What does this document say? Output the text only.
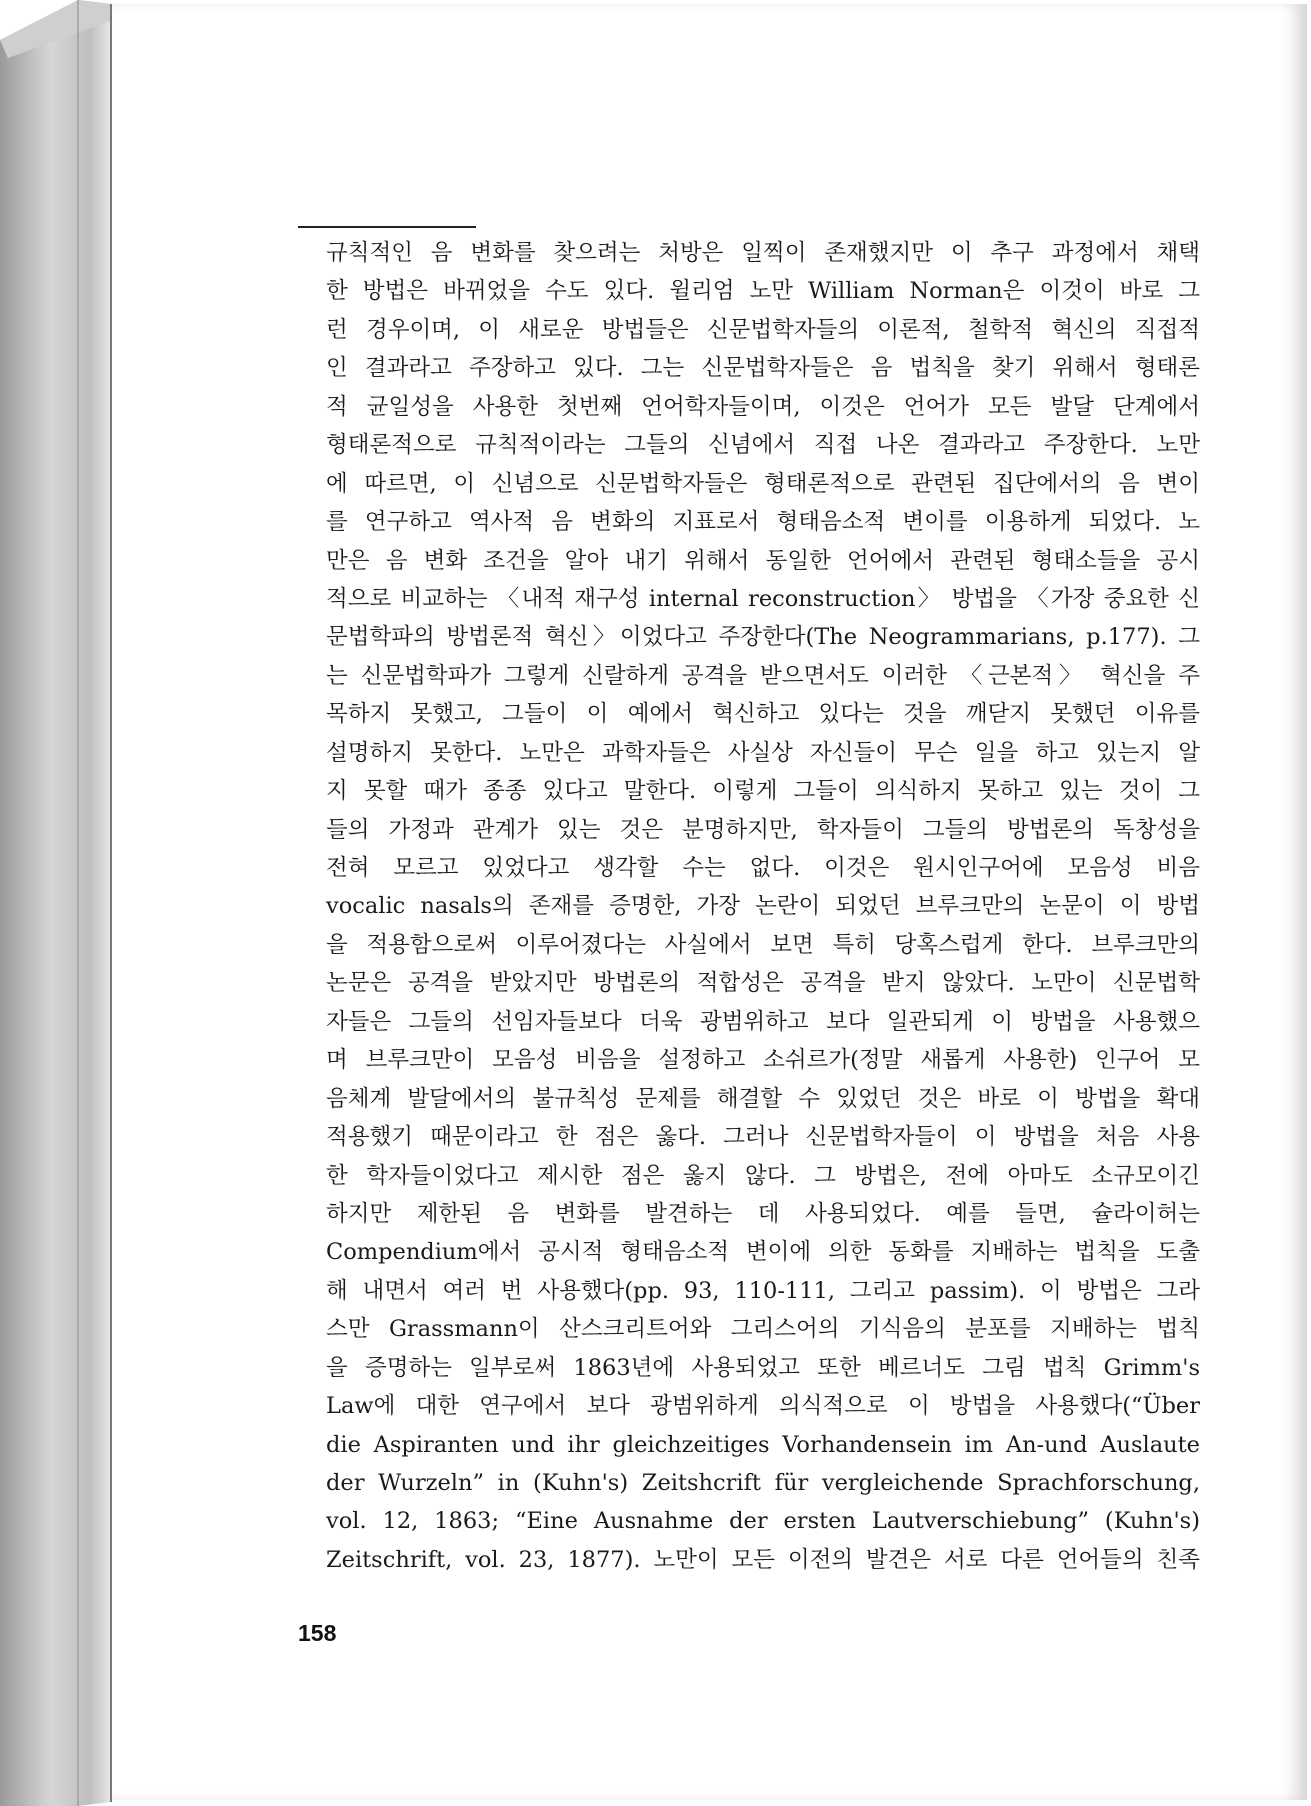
규칙적인 음 변화를 찾으려는 처방은 일찍이 존재했지만 이 추구 과정에서 채택
한 방법은 바뀌었을 수도 있다. 윌리엄 노만 William Norman은 이것이 바로 그
런 경우이며, 이 새로운 방법들은 신문법학자들의 이론적, 철학적 혁신의 직접적
인 결과라고 주장하고 있다. 그는 신문법학자들은 음 법칙을 찾기 위해서 형태론
적 균일성을 사용한 첫번째 언어학자들이며, 이것은 언어가 모든 발달 단계에서
형태론적으로 규칙적이라는 그들의 신념에서 직접 나온 결과라고 주장한다. 노만
에 따르면, 이 신념으로 신문법학자들은 형태론적으로 관련된 집단에서의 음 변이
를 연구하고 역사적 음 변화의 지표로서 형태음소적 변이를 이용하게 되었다. 노
만은 음 변화 조건을 알아 내기 위해서 동일한 언어에서 관련된 형태소들을 공시
적으로 비교하는 〈내적 재구성 internal reconstruction〉 방법을 〈가장 중요한 신
문법학파의 방법론적 혁신〉이었다고 주장한다(The Neogrammarians, p.177). 그
는 신문법학파가 그렇게 신랄하게 공격을 받으면서도 이러한 〈근본적〉 혁신을 주
목하지 못했고, 그들이 이 예에서 혁신하고 있다는 것을 깨닫지 못했던 이유를
설명하지 못한다. 노만은 과학자들은 사실상 자신들이 무슨 일을 하고 있는지 알
지 못할 때가 종종 있다고 말한다. 이렇게 그들이 의식하지 못하고 있는 것이 그
들의 가정과 관계가 있는 것은 분명하지만, 학자들이 그들의 방법론의 독창성을
전혀 모르고 있었다고 생각할 수는 없다. 이것은 원시인구어에 모음성 비음
vocalic nasals의 존재를 증명한, 가장 논란이 되었던 브루크만의 논문이 이 방법
을 적용함으로써 이루어졌다는 사실에서 보면 특히 당혹스럽게 한다. 브루크만의
논문은 공격을 받았지만 방법론의 적합성은 공격을 받지 않았다. 노만이 신문법학
자들은 그들의 선임자들보다 더욱 광범위하고 보다 일관되게 이 방법을 사용했으
며 브루크만이 모음성 비음을 설정하고 소쉬르가(정말 새롭게 사용한) 인구어 모
음체계 발달에서의 불규칙성 문제를 해결할 수 있었던 것은 바로 이 방법을 확대
적용했기 때문이라고 한 점은 옳다. 그러나 신문법학자들이 이 방법을 처음 사용
한 학자들이었다고 제시한 점은 옳지 않다. 그 방법은, 전에 아마도 소규모이긴
하지만 제한된 음 변화를 발견하는 데 사용되었다. 예를 들면, 슐라이허는
Compendium에서 공시적 형태음소적 변이에 의한 동화를 지배하는 법칙을 도출
해 내면서 여러 번 사용했다(pp. 93, 110-111, 그리고 passim). 이 방법은 그라
스만 Grassmann이 산스크리트어와 그리스어의 기식음의 분포를 지배하는 법칙
을 증명하는 일부로써 1863년에 사용되었고 또한 베르너도 그림 법칙 Grimm's
Law에 대한 연구에서 보다 광범위하게 의식적으로 이 방법을 사용했다(“Über
die Aspiranten und ihr gleichzeitiges Vorhandensein im An-und Auslaute
der Wurzeln” in (Kuhn's) Zeitshcrift für vergleichende Sprachforschung,
vol. 12, 1863; “Eine Ausnahme der ersten Lautverschiebung” (Kuhn's)
Zeitschrift, vol. 23, 1877). 노만이 모든 이전의 발견은 서로 다른 언어들의 친족
158
